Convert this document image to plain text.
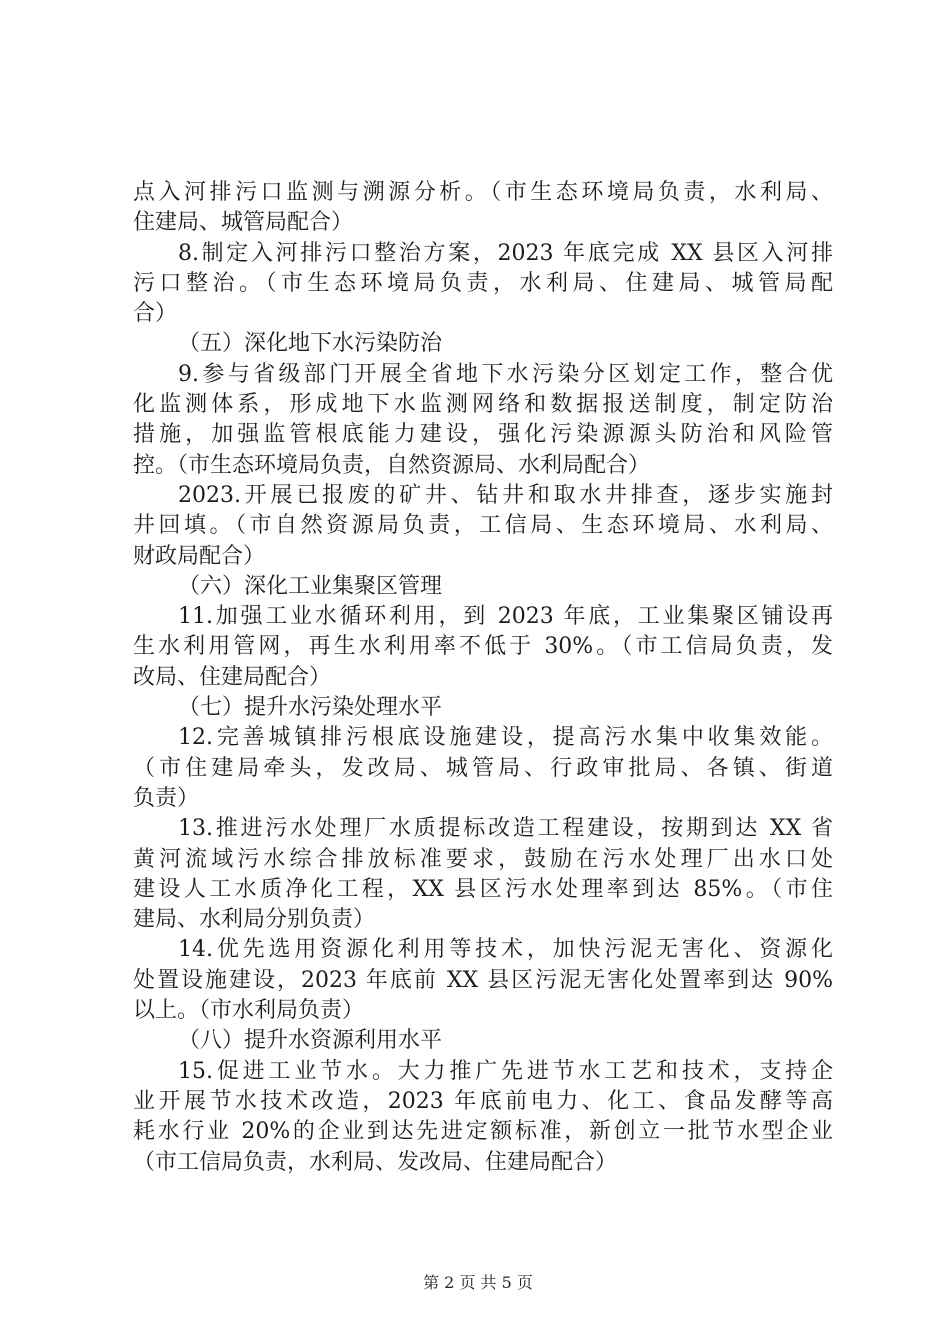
点入河排污口监测与溯源分析。（市生态环境局负责，水利局、
住建局、城管局配合）
8.制定入河排污口整治方案，2023 年底完成 XX 县区入河排
污口整治。（市生态环境局负责，水利局、住建局、城管局配
合）
（五）深化地下水污染防治
9.参与省级部门开展全省地下水污染分区划定工作，整合优
化监测体系，形成地下水监测网络和数据报送制度，制定防治
措施，加强监管根底能力建设，强化污染源源头防治和风险管
控。（市生态环境局负责，自然资源局、水利局配合）
2023.开展已报废的矿井、钻井和取水井排查，逐步实施封
井回填。（市自然资源局负责，工信局、生态环境局、水利局、
财政局配合）
（六）深化工业集聚区管理
11.加强工业水循环利用，到 2023 年底，工业集聚区铺设再
生水利用管网，再生水利用率不低于 30%。（市工信局负责，发
改局、住建局配合）
（七）提升水污染处理水平
12.完善城镇排污根底设施建设，提高污水集中收集效能。
（市住建局牵头，发改局、城管局、行政审批局、各镇、街道
负责）
13.推进污水处理厂水质提标改造工程建设，按期到达 XX 省
黄河流域污水综合排放标准要求，鼓励在污水处理厂出水口处
建设人工水质净化工程，XX 县区污水处理率到达 85%。（市住
建局、水利局分别负责）
14.优先选用资源化利用等技术，加快污泥无害化、资源化
处置设施建设，2023 年底前 XX 县区污泥无害化处置率到达 90%
以上。（市水利局负责）
（八）提升水资源利用水平
15.促进工业节水。大力推广先进节水工艺和技术，支持企
业开展节水技术改造，2023 年底前电力、化工、食品发酵等高
耗水行业 20%的企业到达先进定额标准，新创立一批节水型企业
（市工信局负责，水利局、发改局、住建局配合）
第 2 页 共 5 页
